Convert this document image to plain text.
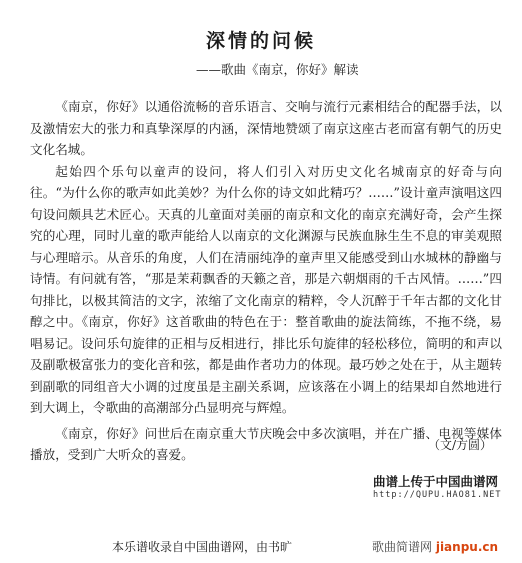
深情的问候
——歌曲《南京，你好》解读

《南京，你好》以通俗流畅的音乐语言、交响与流行元素相结合的配器手法，以及激情宏大的张力和真挚深厚的内涵，深情地赞颂了南京这座古老而富有朝气的历史文化名城。

起始四个乐句以童声的设问，将人们引入对历史文化名城南京的好奇与向往。“为什么你的歌声如此美妙？为什么你的诗文如此精巧？……”设计童声演唱这四句设问颇具艺术匠心。天真的儿童面对美丽的南京和文化的南京充满好奇，会产生探究的心理，同时儿童的歌声能给人以南京的文化渊源与民族血脉生生不息的审美观照与心理暗示。从音乐的角度，人们在清丽纯净的童声里又能感受到山水城林的静幽与诗情。有问就有答，“那是茉莉飘香的天籁之音，那是六朝烟雨的千古风情。……”四句排比，以极其简洁的文字，浓缩了文化南京的精粹，令人沉醉于千年古都的文化甘醇之中。《南京，你好》这首歌曲的特色在于：整首歌曲的旋法简练，不拖不绕，易唱易记。设问乐句旋律的正相与反相进行，排比乐句旋律的轻松移位，简明的和声以及副歌极富张力的变化音和弦，都是曲作者功力的体现。最巧妙之处在于，从主题转到副歌的同组音大小调的过度虽是主副关系调，应该落在小调上的结果却自然地进行到大调上，令歌曲的高潮部分凸显明亮与辉煌。

《南京，你好》问世后在南京重大节庆晚会中多次演唱，并在广播、电视等媒体播放，受到广大听众的喜爱。

（文/方圆）
曲谱上传于中国曲谱网
http://QUPU.HAO81.NET
本乐谱收录自中国曲谱网，由书旷	歌曲简谱网 jianpu.cn
